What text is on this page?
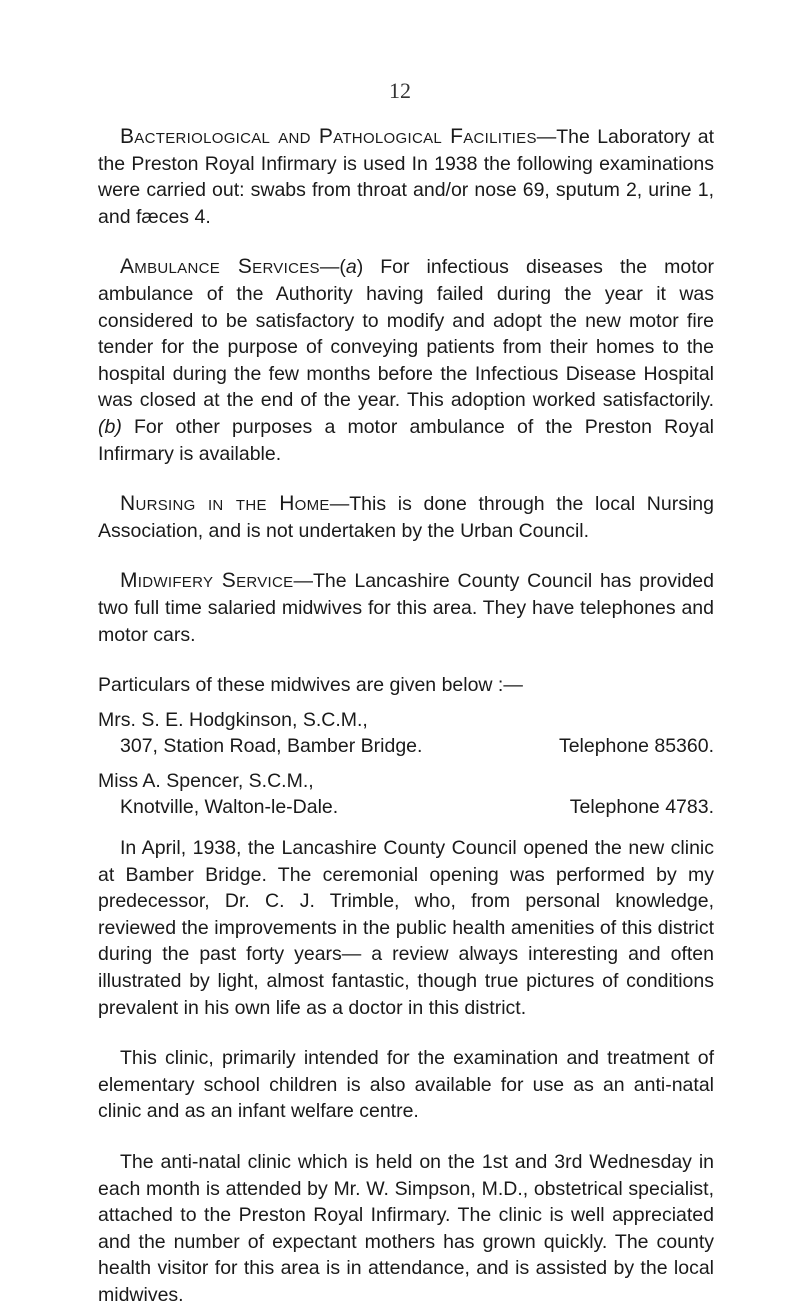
12

Bacteriological and Pathological Facilities—The Laboratory at the Preston Royal Infirmary is used In 1938 the following examinations were carried out: swabs from throat and/or nose 69, sputum 2, urine 1, and fæces 4.

Ambulance Services—(a) For infectious diseases the motor ambulance of the Authority having failed during the year it was considered to be satisfactory to modify and adopt the new motor fire tender for the purpose of conveying patients from their homes to the hospital during the few months before the Infectious Disease Hospital was closed at the end of the year. This adoption worked satisfactorily. (b) For other purposes a motor ambulance of the Preston Royal Infirmary is available.

Nursing in the Home—This is done through the local Nursing Association, and is not undertaken by the Urban Council.

Midwifery Service—The Lancashire County Council has provided two full time salaried midwives for this area. They have telephones and motor cars.

Particulars of these midwives are given below :—

Mrs. S. E. Hodgkinson, S.C.M.,
307, Station Road, Bamber Bridge.	Telephone 85360.
Miss A. Spencer, S.C.M.,
Knotville, Walton-le-Dale.	Telephone 4783.

In April, 1938, the Lancashire County Council opened the new clinic at Bamber Bridge. The ceremonial opening was performed by my predecessor, Dr. C. J. Trimble, who, from personal knowledge, reviewed the improvements in the public health amenities of this district during the past forty years— a review always interesting and often illustrated by light, almost fantastic, though true pictures of conditions prevalent in his own life as a doctor in this district.

This clinic, primarily intended for the examination and treatment of elementary school children is also available for use as an anti-natal clinic and as an infant welfare centre.

The anti-natal clinic which is held on the 1st and 3rd Wednesday in each month is attended by Mr. W. Simpson, M.D., obstetrical specialist, attached to the Preston Royal Infirmary. The clinic is well appreciated and the number of expectant mothers has grown quickly. The county health visitor for this area is in attendance, and is assisted by the local midwives.
